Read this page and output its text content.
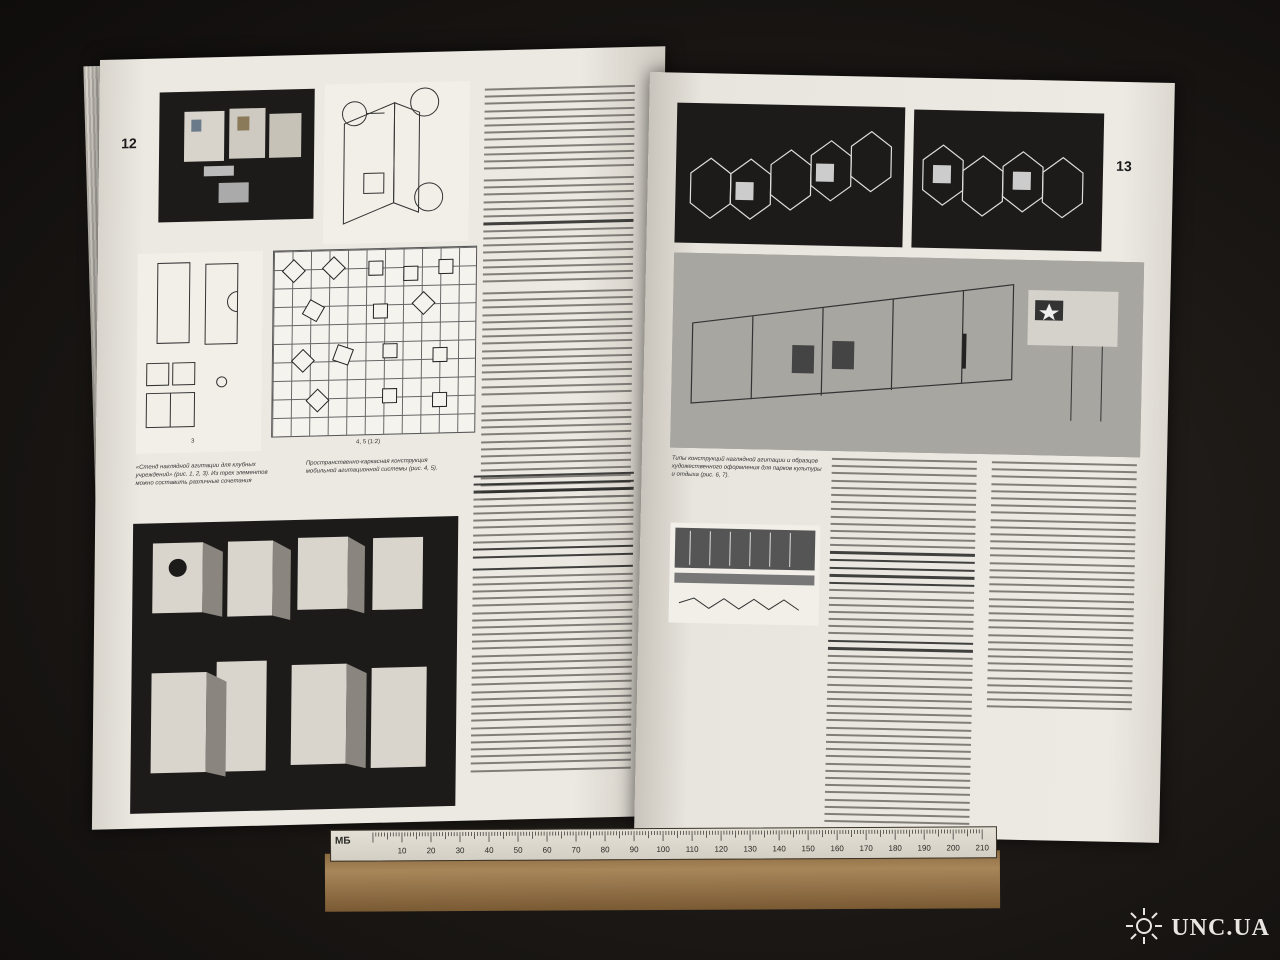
12
3	4, 5 (1:2)
«Стенд наглядной агитации для клубных учреждений» (рис. 1, 2, 3). Из трех элементов можно составить различные сочетания
Пространственно-каркасная конструкция мобильной агитационной системы (рис. 4, 5).
13
Типы конструкций наглядной агитации и образцов художественного оформления для парков культуры и отдыха (рис. 6, 7).
МБ
10	20	30	40	50	60	70	80	90 100 110 120 130 140 150 160 170 180 190 200 210
UNC.UA
